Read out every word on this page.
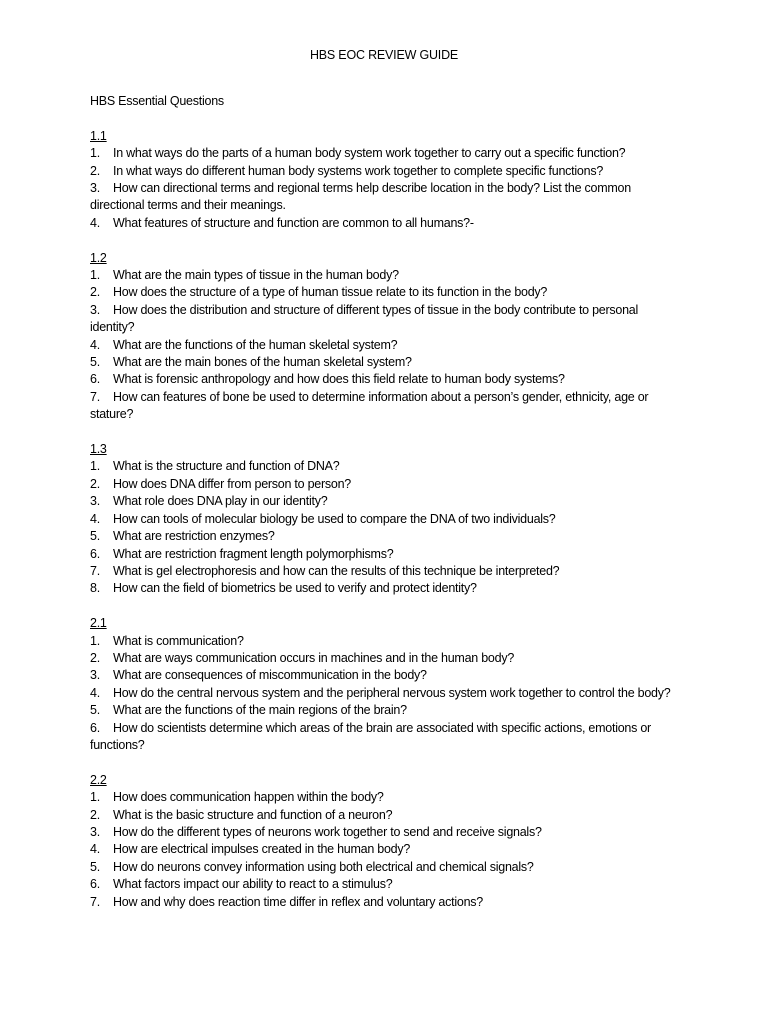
HBS EOC REVIEW GUIDE
HBS Essential Questions
1.1
1. In what ways do the parts of a human body system work together to carry out a specific function?
2. In what ways do different human body systems work together to complete specific functions?
3. How can directional terms and regional terms help describe location in the body? List the common directional terms and their meanings.
4. What features of structure and function are common to all humans?-
1.2
1. What are the main types of tissue in the human body?
2. How does the structure of a type of human tissue relate to its function in the body?
3. How does the distribution and structure of different types of tissue in the body contribute to personal identity?
4. What are the functions of the human skeletal system?
5. What are the main bones of the human skeletal system?
6. What is forensic anthropology and how does this field relate to human body systems?
7. How can features of bone be used to determine information about a person’s gender, ethnicity, age or stature?
1.3
1. What is the structure and function of DNA?
2. How does DNA differ from person to person?
3. What role does DNA play in our identity?
4. How can tools of molecular biology be used to compare the DNA of two individuals?
5. What are restriction enzymes?
6. What are restriction fragment length polymorphisms?
7. What is gel electrophoresis and how can the results of this technique be interpreted?
8. How can the field of biometrics be used to verify and protect identity?
2.1
1. What is communication?
2. What are ways communication occurs in machines and in the human body?
3. What are consequences of miscommunication in the body?
4. How do the central nervous system and the peripheral nervous system work together to control the body?
5. What are the functions of the main regions of the brain?
6. How do scientists determine which areas of the brain are associated with specific actions, emotions or functions?
2.2
1. How does communication happen within the body?
2. What is the basic structure and function of a neuron?
3. How do the different types of neurons work together to send and receive signals?
4. How are electrical impulses created in the human body?
5. How do neurons convey information using both electrical and chemical signals?
6. What factors impact our ability to react to a stimulus?
7. How and why does reaction time differ in reflex and voluntary actions?
